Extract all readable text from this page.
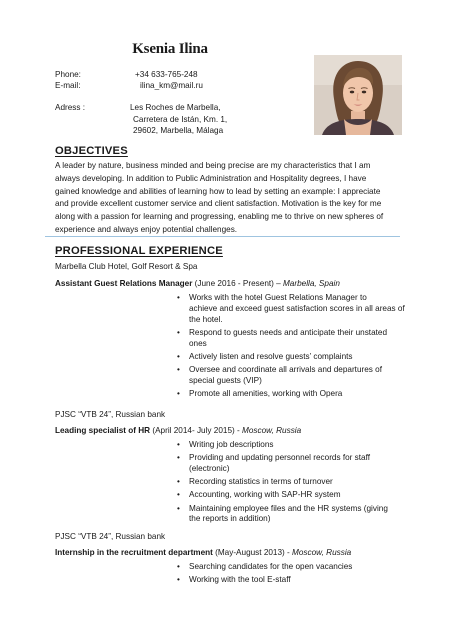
Ksenia Ilina
Phone:	+34 633-765-248
E-mail:	ilina_km@mail.ru
Adress :	Les Roches de Marbella,
Carretera de Istán, Km. 1,
29602, Marbella, Málaga
OBJECTIVES

A leader by nature, business minded and being precise are my characteristics that I am

always developing. In addition to Public Administration and Hospitality degrees, I have

gained knowledge and abilities of learning how to lead by setting an example: I appreciate

and provide excellent customer service and client satisfaction. Motivation is the key for me

along with a passion for learning and progressing, enabling me to thrive on new spheres of

experience and always enjoy potential challenges.

PROFESSIONAL EXPERIENCE
Marbella Club Hotel, Golf Resort & Spa
Assistant Guest Relations Manager (June 2016 - Present) – Marbella, Spain
• Works with the hotel Guest Relations Manager to
achieve and exceed guest satisfaction scores in all areas of
the hotel.
• Respond to guests needs and anticipate their unstated
ones
• Actively listen and resolve guests’ complaints
• Oversee and coordinate all arrivals and departures of
special guests (VIP)
• Promote all amenities, working with Opera
PJSC “VTB 24”, Russian bank
Leading specialist of HR (April 2014- July 2015) - Moscow, Russia
• Writing job descriptions
• Providing and updating personnel records for staff
(electronic)
• Recording statistics in terms of turnover
• Accounting, working with SAP-HR system
• Maintaining employee files and the HR systems (giving
the reports in addition)
PJSC “VTB 24”, Russian bank
Internship in the recruitment department (May-August 2013) - Moscow, Russia
• Searching candidates for the open vacancies
• Working with the tool E-staff
